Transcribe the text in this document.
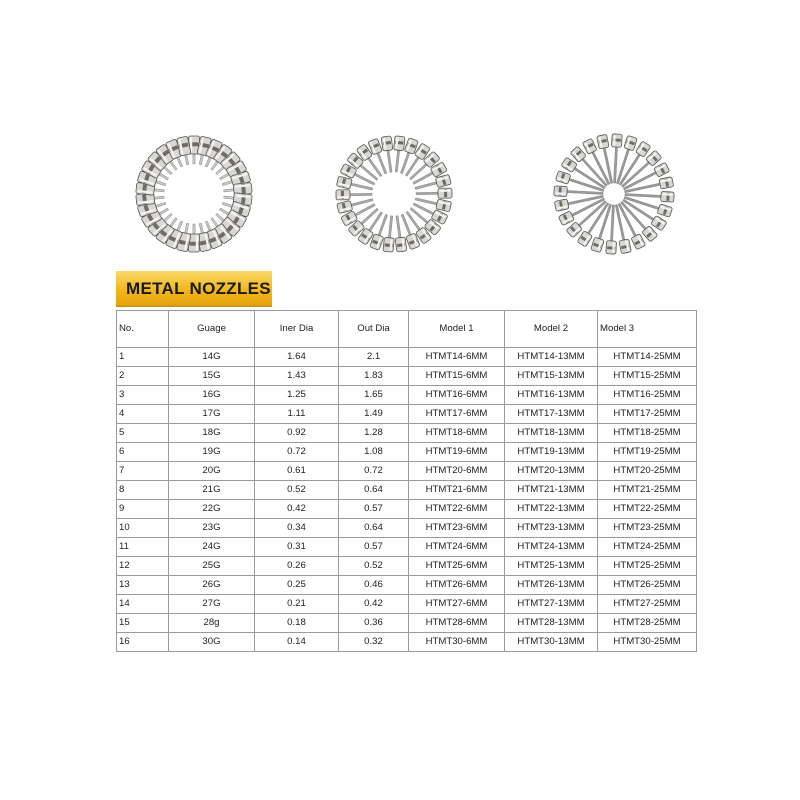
METAL NOZZLES
No.	Guage	Iner Dia	Out Dia	Model 1	Model 2	Model 3
1	14G	1.64	2.1	HTMT14-6MM	HTMT14-13MM	HTMT14-25MM
2	15G	1.43	1.83	HTMT15-6MM	HTMT15-13MM	HTMT15-25MM
3	16G	1.25	1.65	HTMT16-6MM	HTMT16-13MM	HTMT16-25MM
4	17G	1.11	1.49	HTMT17-6MM	HTMT17-13MM	HTMT17-25MM
5	18G	0.92	1.28	HTMT18-6MM	HTMT18-13MM	HTMT18-25MM
6	19G	0.72	1.08	HTMT19-6MM	HTMT19-13MM	HTMT19-25MM
7	20G	0.61	0.72	HTMT20-6MM	HTMT20-13MM	HTMT20-25MM
8	21G	0.52	0.64	HTMT21-6MM	HTMT21-13MM	HTMT21-25MM
9	22G	0.42	0.57	HTMT22-6MM	HTMT22-13MM	HTMT22-25MM
10	23G	0.34	0.64	HTMT23-6MM	HTMT23-13MM	HTMT23-25MM
11	24G	0.31	0.57	HTMT24-6MM	HTMT24-13MM	HTMT24-25MM
12	25G	0.26	0.52	HTMT25-6MM	HTMT25-13MM	HTMT25-25MM
13	26G	0.25	0.46	HTMT26-6MM	HTMT26-13MM	HTMT26-25MM
14	27G	0.21	0.42	HTMT27-6MM	HTMT27-13MM	HTMT27-25MM
15	28g	0.18	0.36	HTMT28-6MM	HTMT28-13MM	HTMT28-25MM
16	30G	0.14	0.32	HTMT30-6MM	HTMT30-13MM	HTMT30-25MM
